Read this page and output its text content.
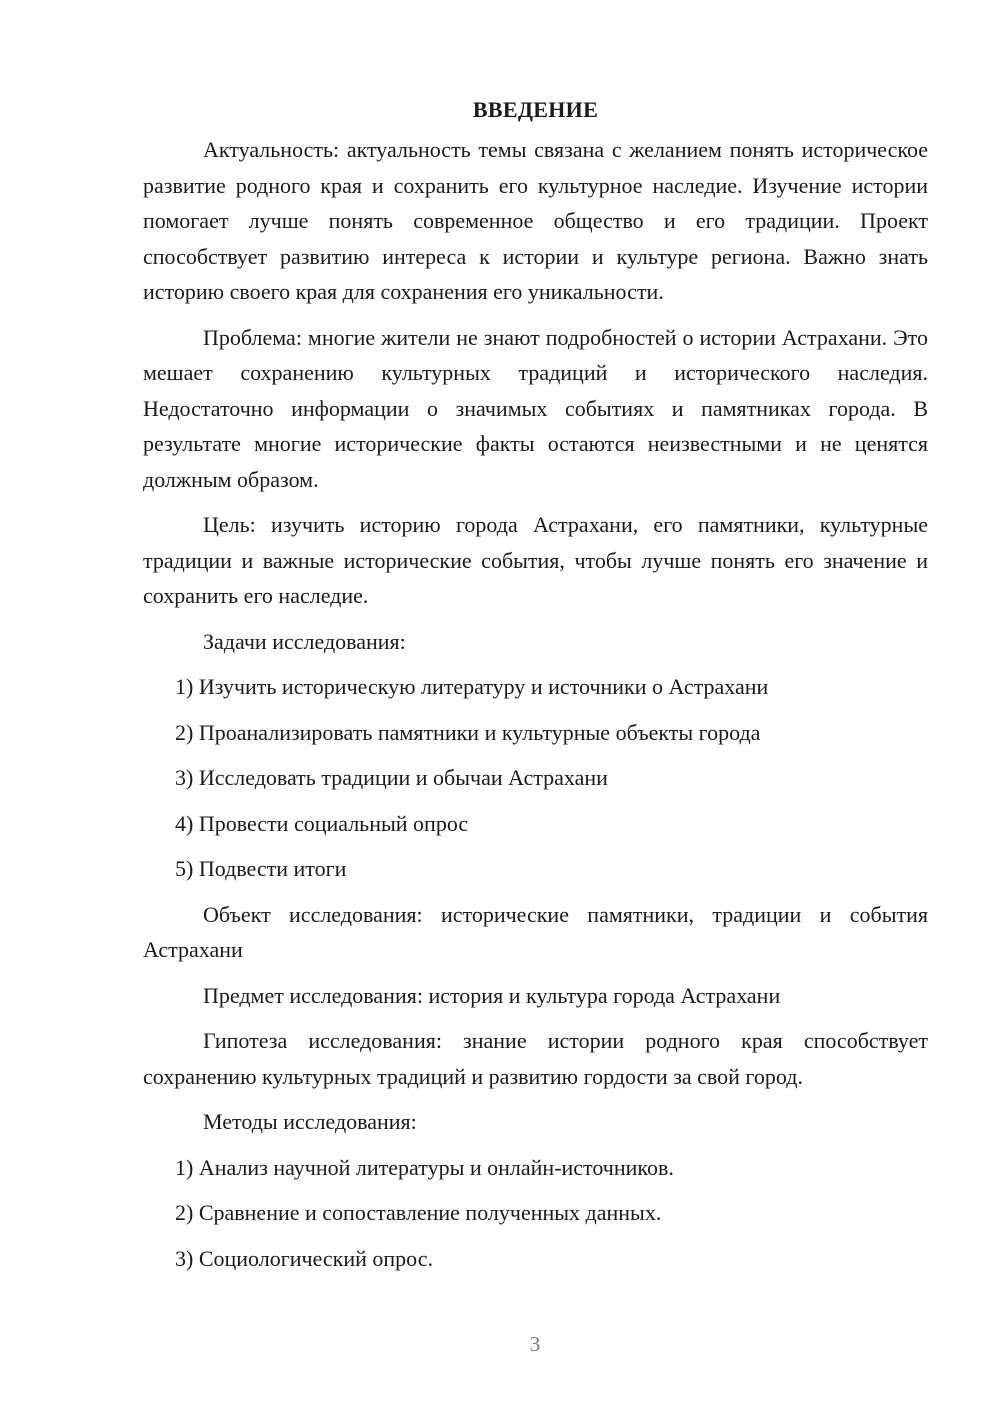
ВВЕДЕНИЕ

Актуальность: актуальность темы связана с желанием понять историческое развитие родного края и сохранить его культурное наследие. Изучение истории помогает лучше понять современное общество и его традиции. Проект способствует развитию интереса к истории и культуре региона. Важно знать историю своего края для сохранения его уникальности.

Проблема: многие жители не знают подробностей о истории Астрахани. Это мешает сохранению культурных традиций и исторического наследия. Недостаточно информации о значимых событиях и памятниках города. В результате многие исторические факты остаются неизвестными и не ценятся должным образом.

Цель: изучить историю города Астрахани, его памятники, культурные традиции и важные исторические события, чтобы лучше понять его значение и сохранить его наследие.

Задачи исследования:
1) Изучить историческую литературу и источники о Астрахани
2) Проанализировать памятники и культурные объекты города
3) Исследовать традиции и обычаи Астрахани
4) Провести социальный опрос
5) Подвести итоги

Объект исследования: исторические памятники, традиции и события Астрахани

Предмет исследования: история и культура города Астрахани

Гипотеза исследования: знание истории родного края способствует сохранению культурных традиций и развитию гордости за свой город.

Методы исследования:
1) Анализ научной литературы и онлайн-источников.
2) Сравнение и сопоставление полученных данных.
3) Социологический опрос.
3
